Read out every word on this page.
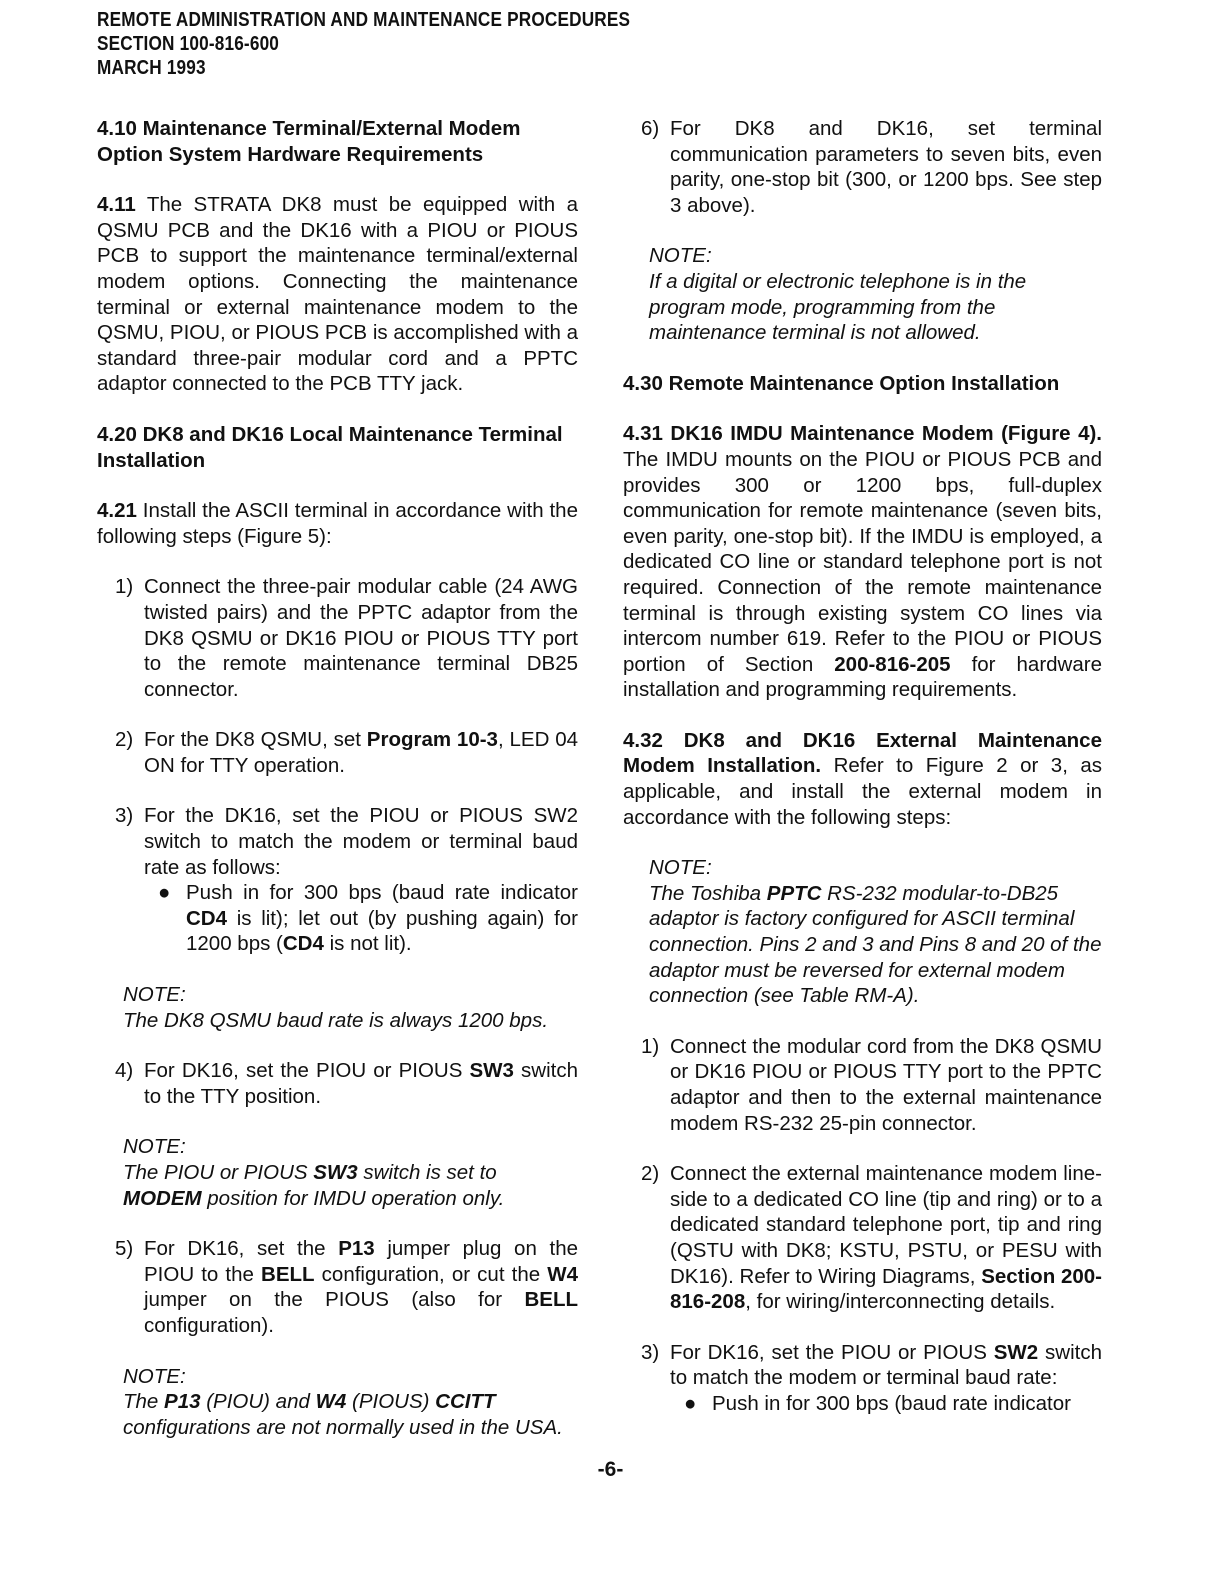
REMOTE ADMINISTRATION AND MAINTENANCE PROCEDURES
SECTION 100-816-600
MARCH 1993
4.10 Maintenance Terminal/External Modem Option System Hardware Requirements

4.11 The STRATA DK8 must be equipped with a QSMU PCB and the DK16 with a PIOU or PIOUS PCB to support the maintenance terminal/external modem options. Connecting the maintenance terminal or external maintenance modem to the QSMU, PIOU, or PIOUS PCB is accomplished with a standard three-pair modular cord and a PPTC adaptor connected to the PCB TTY jack.

4.20 DK8 and DK16 Local Maintenance Terminal Installation

4.21 Install the ASCII terminal in accordance with the following steps (Figure 5):

1) Connect the three-pair modular cable (24 AWG twisted pairs) and the PPTC adaptor from the DK8 QSMU or DK16 PIOU or PIOUS TTY port to the remote maintenance terminal DB25 connector.
2) For the DK8 QSMU, set Program 10-3, LED 04 ON for TTY operation.
3) For the DK16, set the PIOU or PIOUS SW2 switch to match the modem or terminal baud rate as follows:
● Push in for 300 bps (baud rate indicator CD4 is lit); let out (by pushing again) for 1200 bps (CD4 is not lit).
NOTE:
The DK8 QSMU baud rate is always 1200 bps.
4) For DK16, set the PIOU or PIOUS SW3 switch to the TTY position.
NOTE:
The PIOU or PIOUS SW3 switch is set to MODEM position for IMDU operation only.
5) For DK16, set the P13 jumper plug on the PIOU to the BELL configuration, or cut the W4 jumper on the PIOUS (also for BELL configuration).
NOTE:
The P13 (PIOU) and W4 (PIOUS) CCITT configurations are not normally used in the USA.
6) For DK8 and DK16, set terminal communication parameters to seven bits, even parity, one-stop bit (300, or 1200 bps. See step 3 above).
NOTE:
If a digital or electronic telephone is in the program mode, programming from the maintenance terminal is not allowed.
4.30 Remote Maintenance Option Installation

4.31 DK16 IMDU Maintenance Modem (Figure 4). The IMDU mounts on the PIOU or PIOUS PCB and provides 300 or 1200 bps, full-duplex communication for remote maintenance (seven bits, even parity, one-stop bit). If the IMDU is employed, a dedicated CO line or standard telephone port is not required. Connection of the remote maintenance terminal is through existing system CO lines via intercom number 619. Refer to the PIOU or PIOUS portion of Section 200-816-205 for hardware installation and programming requirements.

4.32 DK8 and DK16 External Maintenance Modem Installation. Refer to Figure 2 or 3, as applicable, and install the external modem in accordance with the following steps:

NOTE:
The Toshiba PPTC RS-232 modular-to-DB25 adaptor is factory configured for ASCII terminal connection. Pins 2 and 3 and Pins 8 and 20 of the adaptor must be reversed for external modem connection (see Table RM-A).
1) Connect the modular cord from the DK8 QSMU or DK16 PIOU or PIOUS TTY port to the PPTC adaptor and then to the external maintenance modem RS-232 25-pin connector.
2) Connect the external maintenance modem line-side to a dedicated CO line (tip and ring) or to a dedicated standard telephone port, tip and ring (QSTU with DK8; KSTU, PSTU, or PESU with DK16). Refer to Wiring Diagrams, Section 200-816-208, for wiring/interconnecting details.
3) For DK16, set the PIOU or PIOUS SW2 switch to match the modem or terminal baud rate:
● Push in for 300 bps (baud rate indicator
-6-
